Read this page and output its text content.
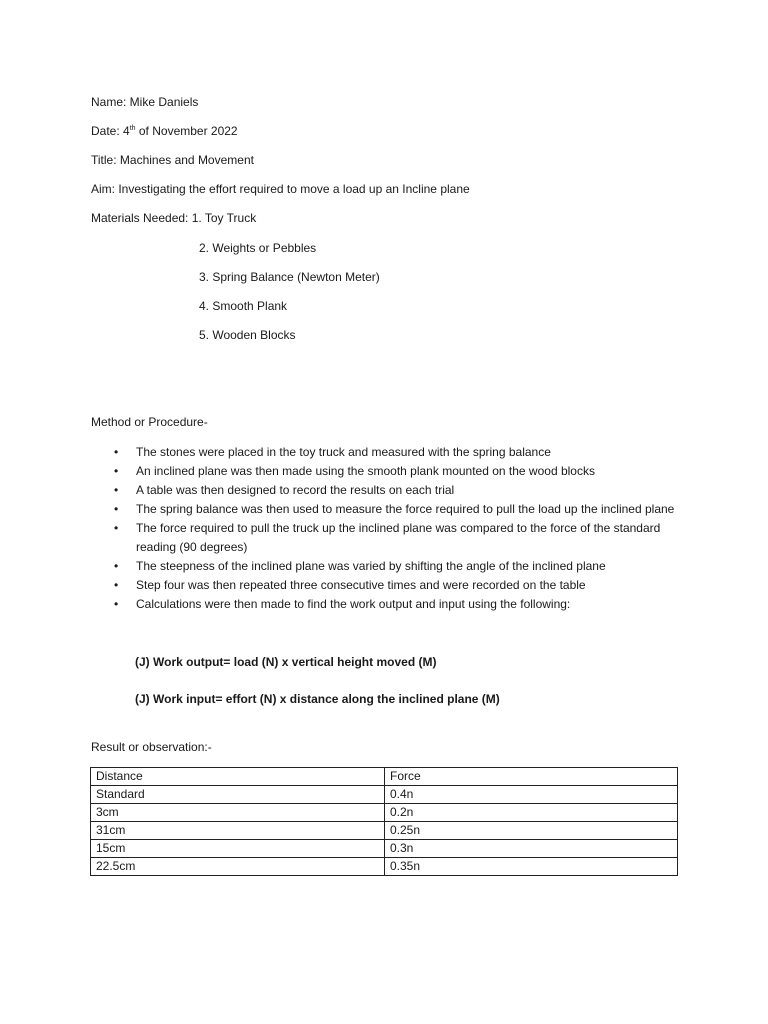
Name: Mike Daniels
Date: 4th of November 2022
Title: Machines and Movement
Aim: Investigating the effort required to move a load up an Incline plane
Materials Needed: 1. Toy Truck
2. Weights or Pebbles
3. Spring Balance (Newton Meter)
4. Smooth Plank
5. Wooden Blocks
Method or Procedure-
• The stones were placed in the toy truck and measured with the spring balance
• An inclined plane was then made using the smooth plank mounted on the wood blocks
• A table was then designed to record the results on each trial
• The spring balance was then used to measure the force required to pull the load up the inclined plane
• The force required to pull the truck up the inclined plane was compared to the force of the standard reading (90 degrees)
• The steepness of the inclined plane was varied by shifting the angle of the inclined plane
• Step four was then repeated three consecutive times and were recorded on the table
• Calculations were then made to find the work output and input using the following:
(J) Work output= load (N) x vertical height moved (M)
(J) Work input= effort (N) x distance along the inclined plane (M)
Result or observation:-
Distance	Force
Standard	0.4n
3cm	0.2n
31cm	0.25n
15cm	0.3n
22.5cm	0.35n
